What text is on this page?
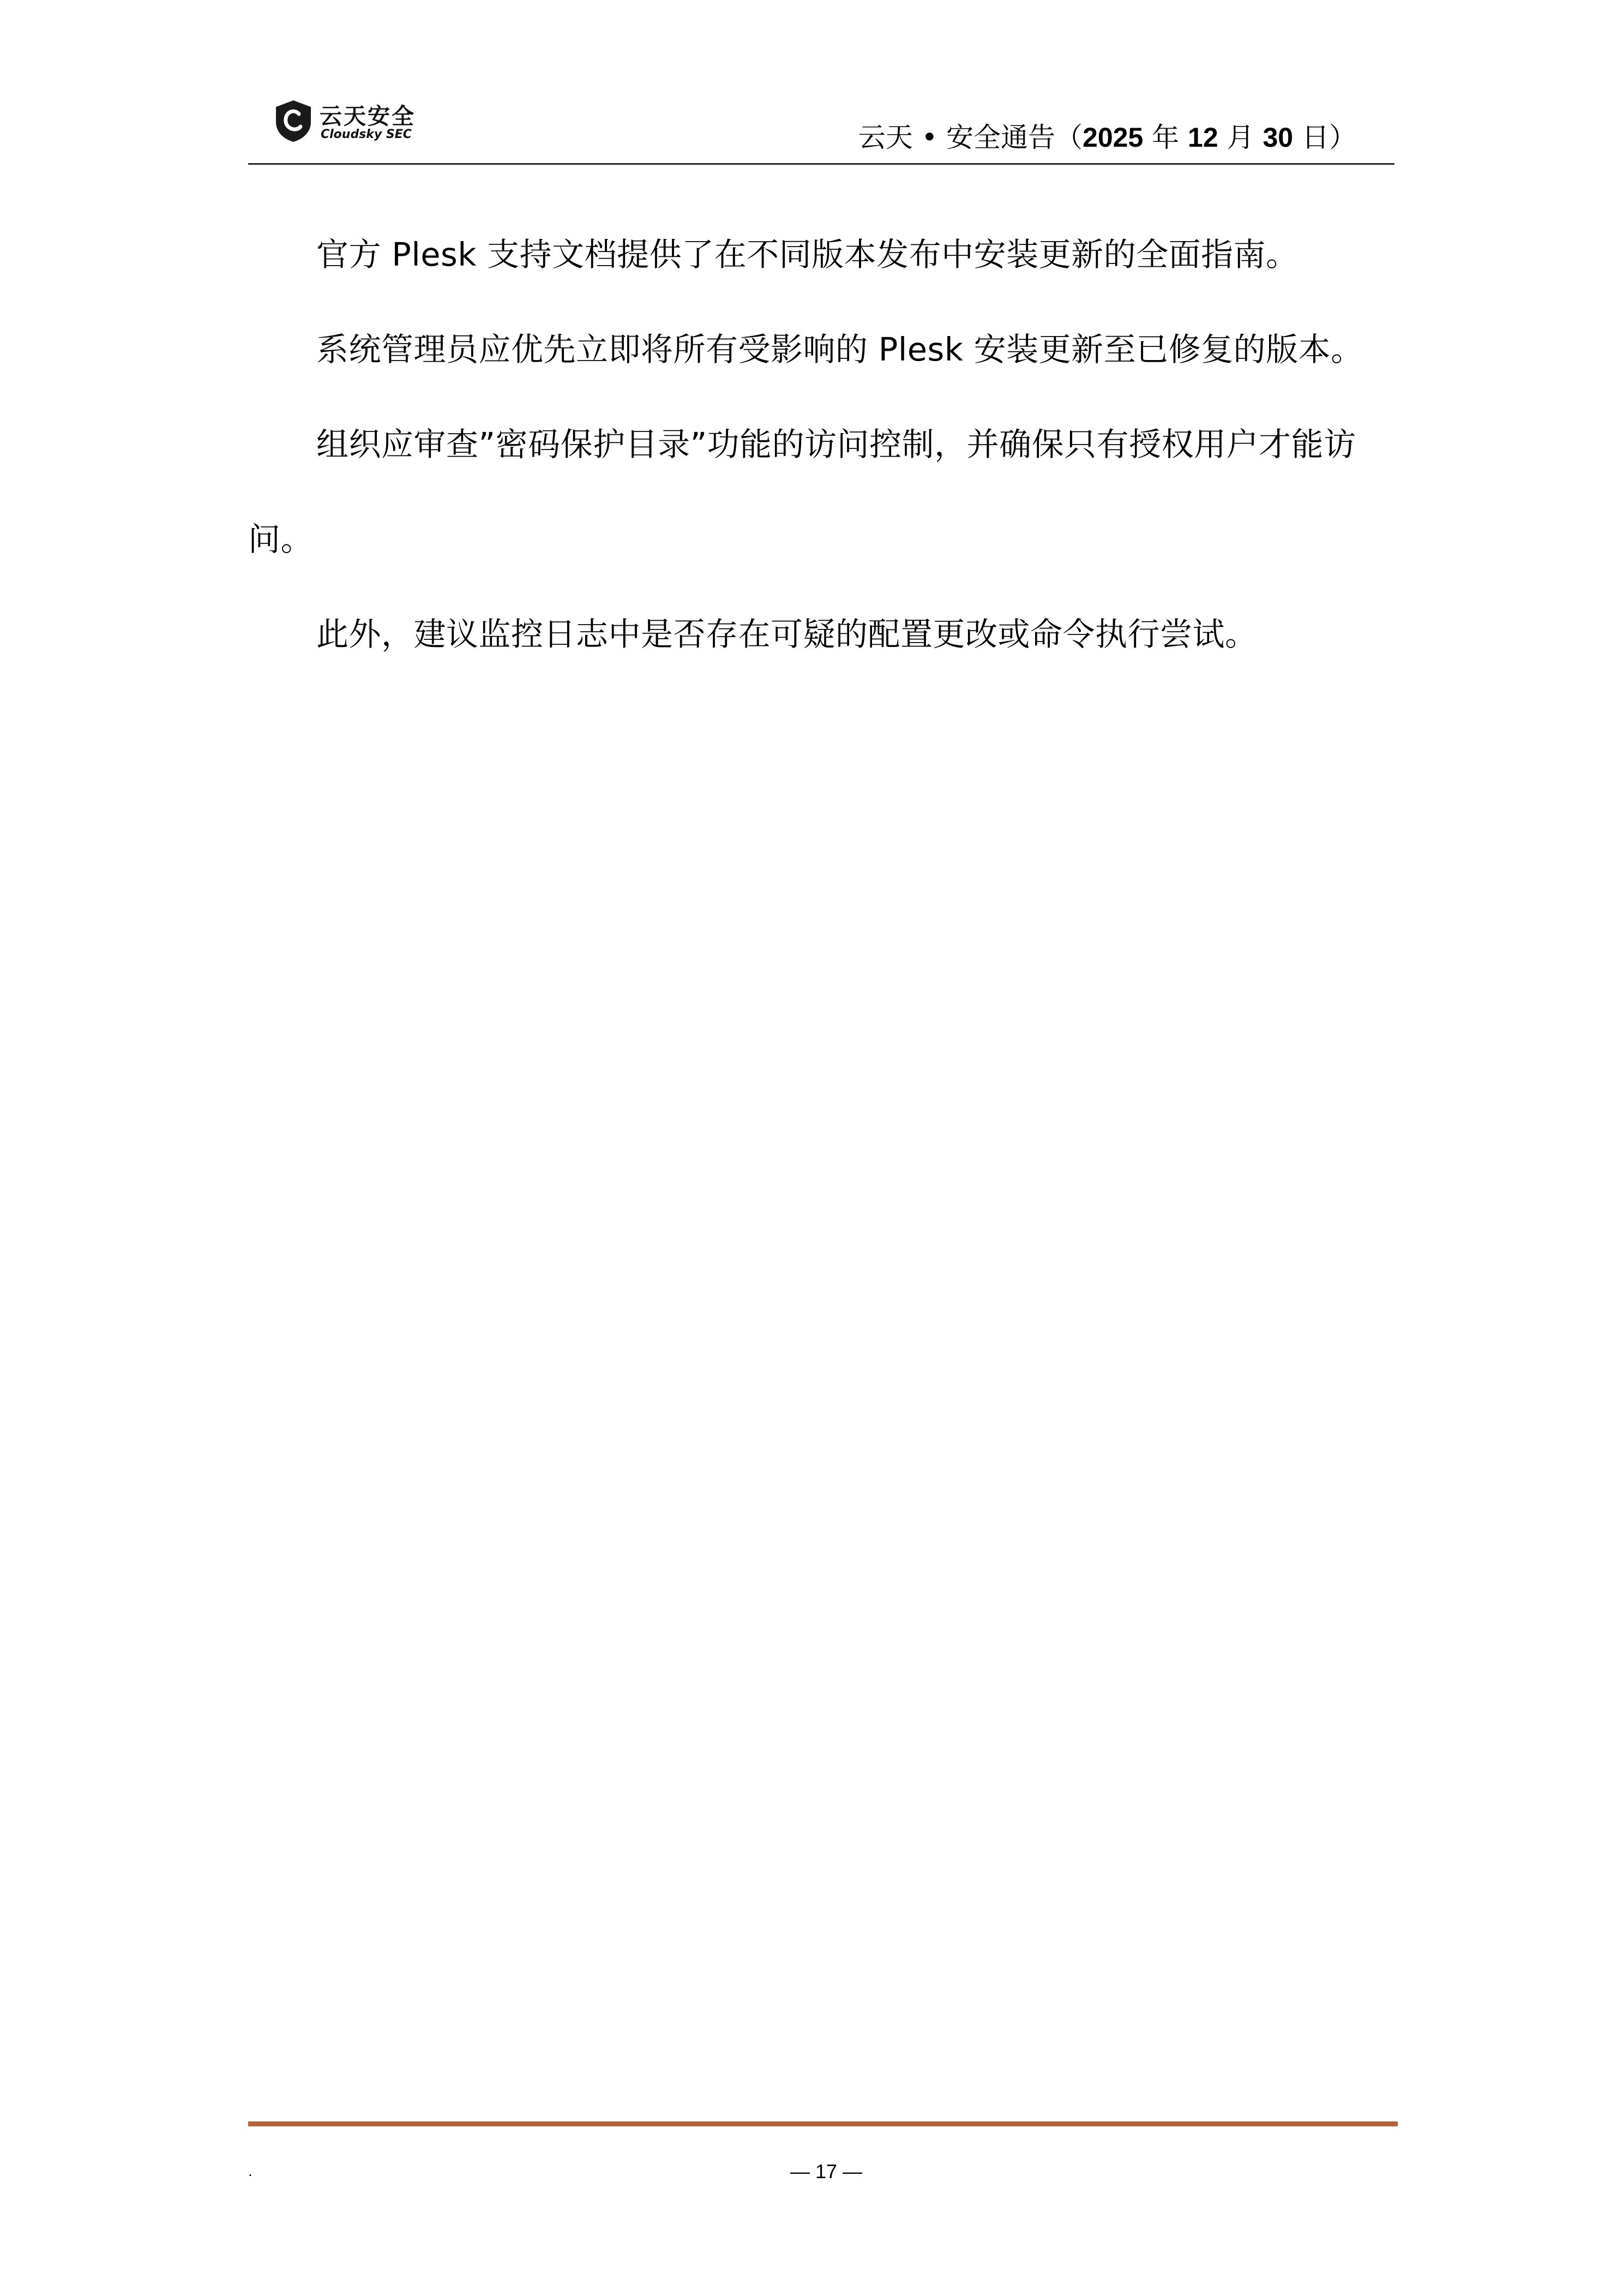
云天安全
Cloudsky SEC	云天 • 安全通告（2025 年 12 月 30 日）

官方 Plesk 支持文档提供了在不同版本发布中安装更新的全面指南。

系统管理员应优先立即将所有受影响的 Plesk 安装更新至已修复的版本。

组织应审查”密码保护目录”功能的访问控制，并确保只有授权用户才能访问。

此外，建议监控日志中是否存在可疑的配置更改或命令执行尝试。

.	— 17 —
